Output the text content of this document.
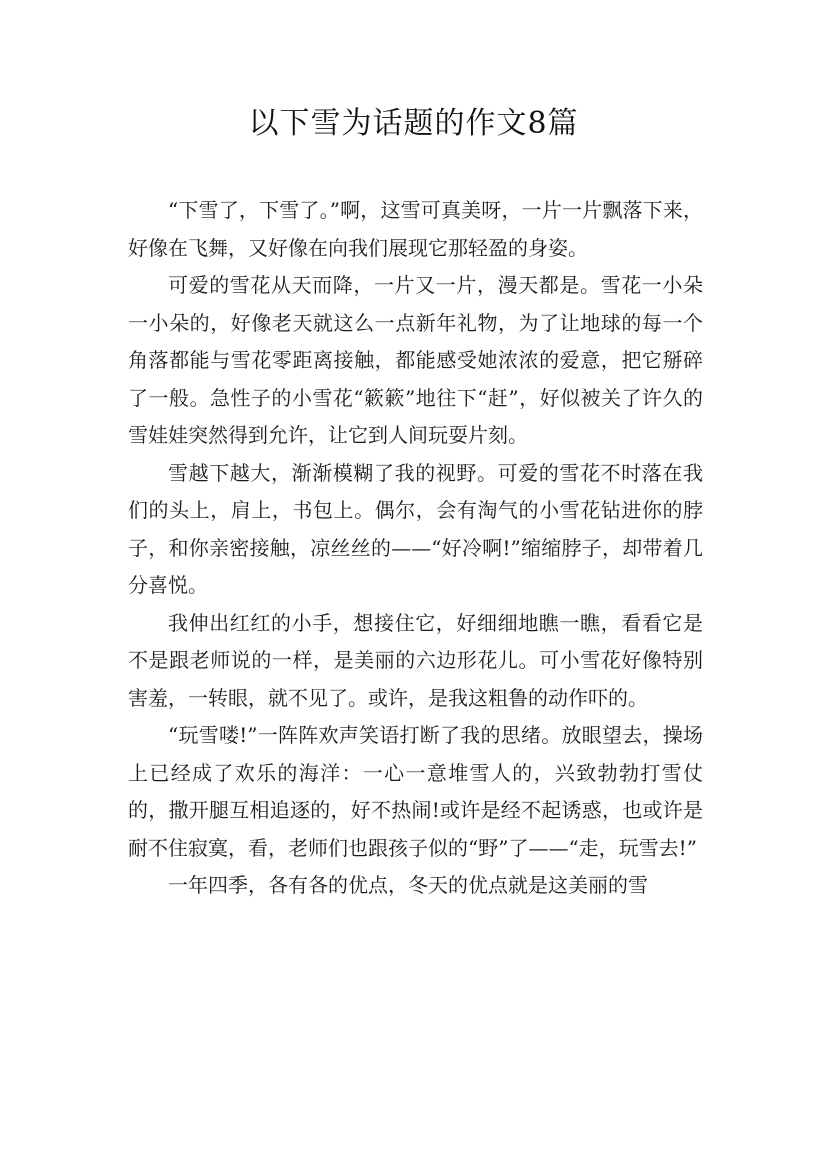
以下雪为话题的作文8篇

“下雪了，下雪了。”啊，这雪可真美呀，一片一片飘落下来，好像在飞舞，又好像在向我们展现它那轻盈的身姿。

可爱的雪花从天而降，一片又一片，漫天都是。雪花一小朵一小朵的，好像老天就这么一点新年礼物，为了让地球的每一个角落都能与雪花零距离接触，都能感受她浓浓的爱意，把它掰碎了一般。急性子的小雪花“簌簌”地往下“赶”，好似被关了许久的雪娃娃突然得到允许，让它到人间玩耍片刻。

雪越下越大，渐渐模糊了我的视野。可爱的雪花不时落在我们的头上，肩上，书包上。偶尔，会有淘气的小雪花钻进你的脖子，和你亲密接触，凉丝丝的——“好冷啊!”缩缩脖子，却带着几分喜悦。

我伸出红红的小手，想接住它，好细细地瞧一瞧，看看它是不是跟老师说的一样，是美丽的六边形花儿。可小雪花好像特别害羞，一转眼，就不见了。或许，是我这粗鲁的动作吓的。

“玩雪喽!”一阵阵欢声笑语打断了我的思绪。放眼望去，操场上已经成了欢乐的海洋：一心一意堆雪人的，兴致勃勃打雪仗的，撒开腿互相追逐的，好不热闹!或许是经不起诱惑，也或许是耐不住寂寞，看，老师们也跟孩子似的“野”了——“走，玩雪去!”

一年四季，各有各的优点，冬天的优点就是这美丽的雪
